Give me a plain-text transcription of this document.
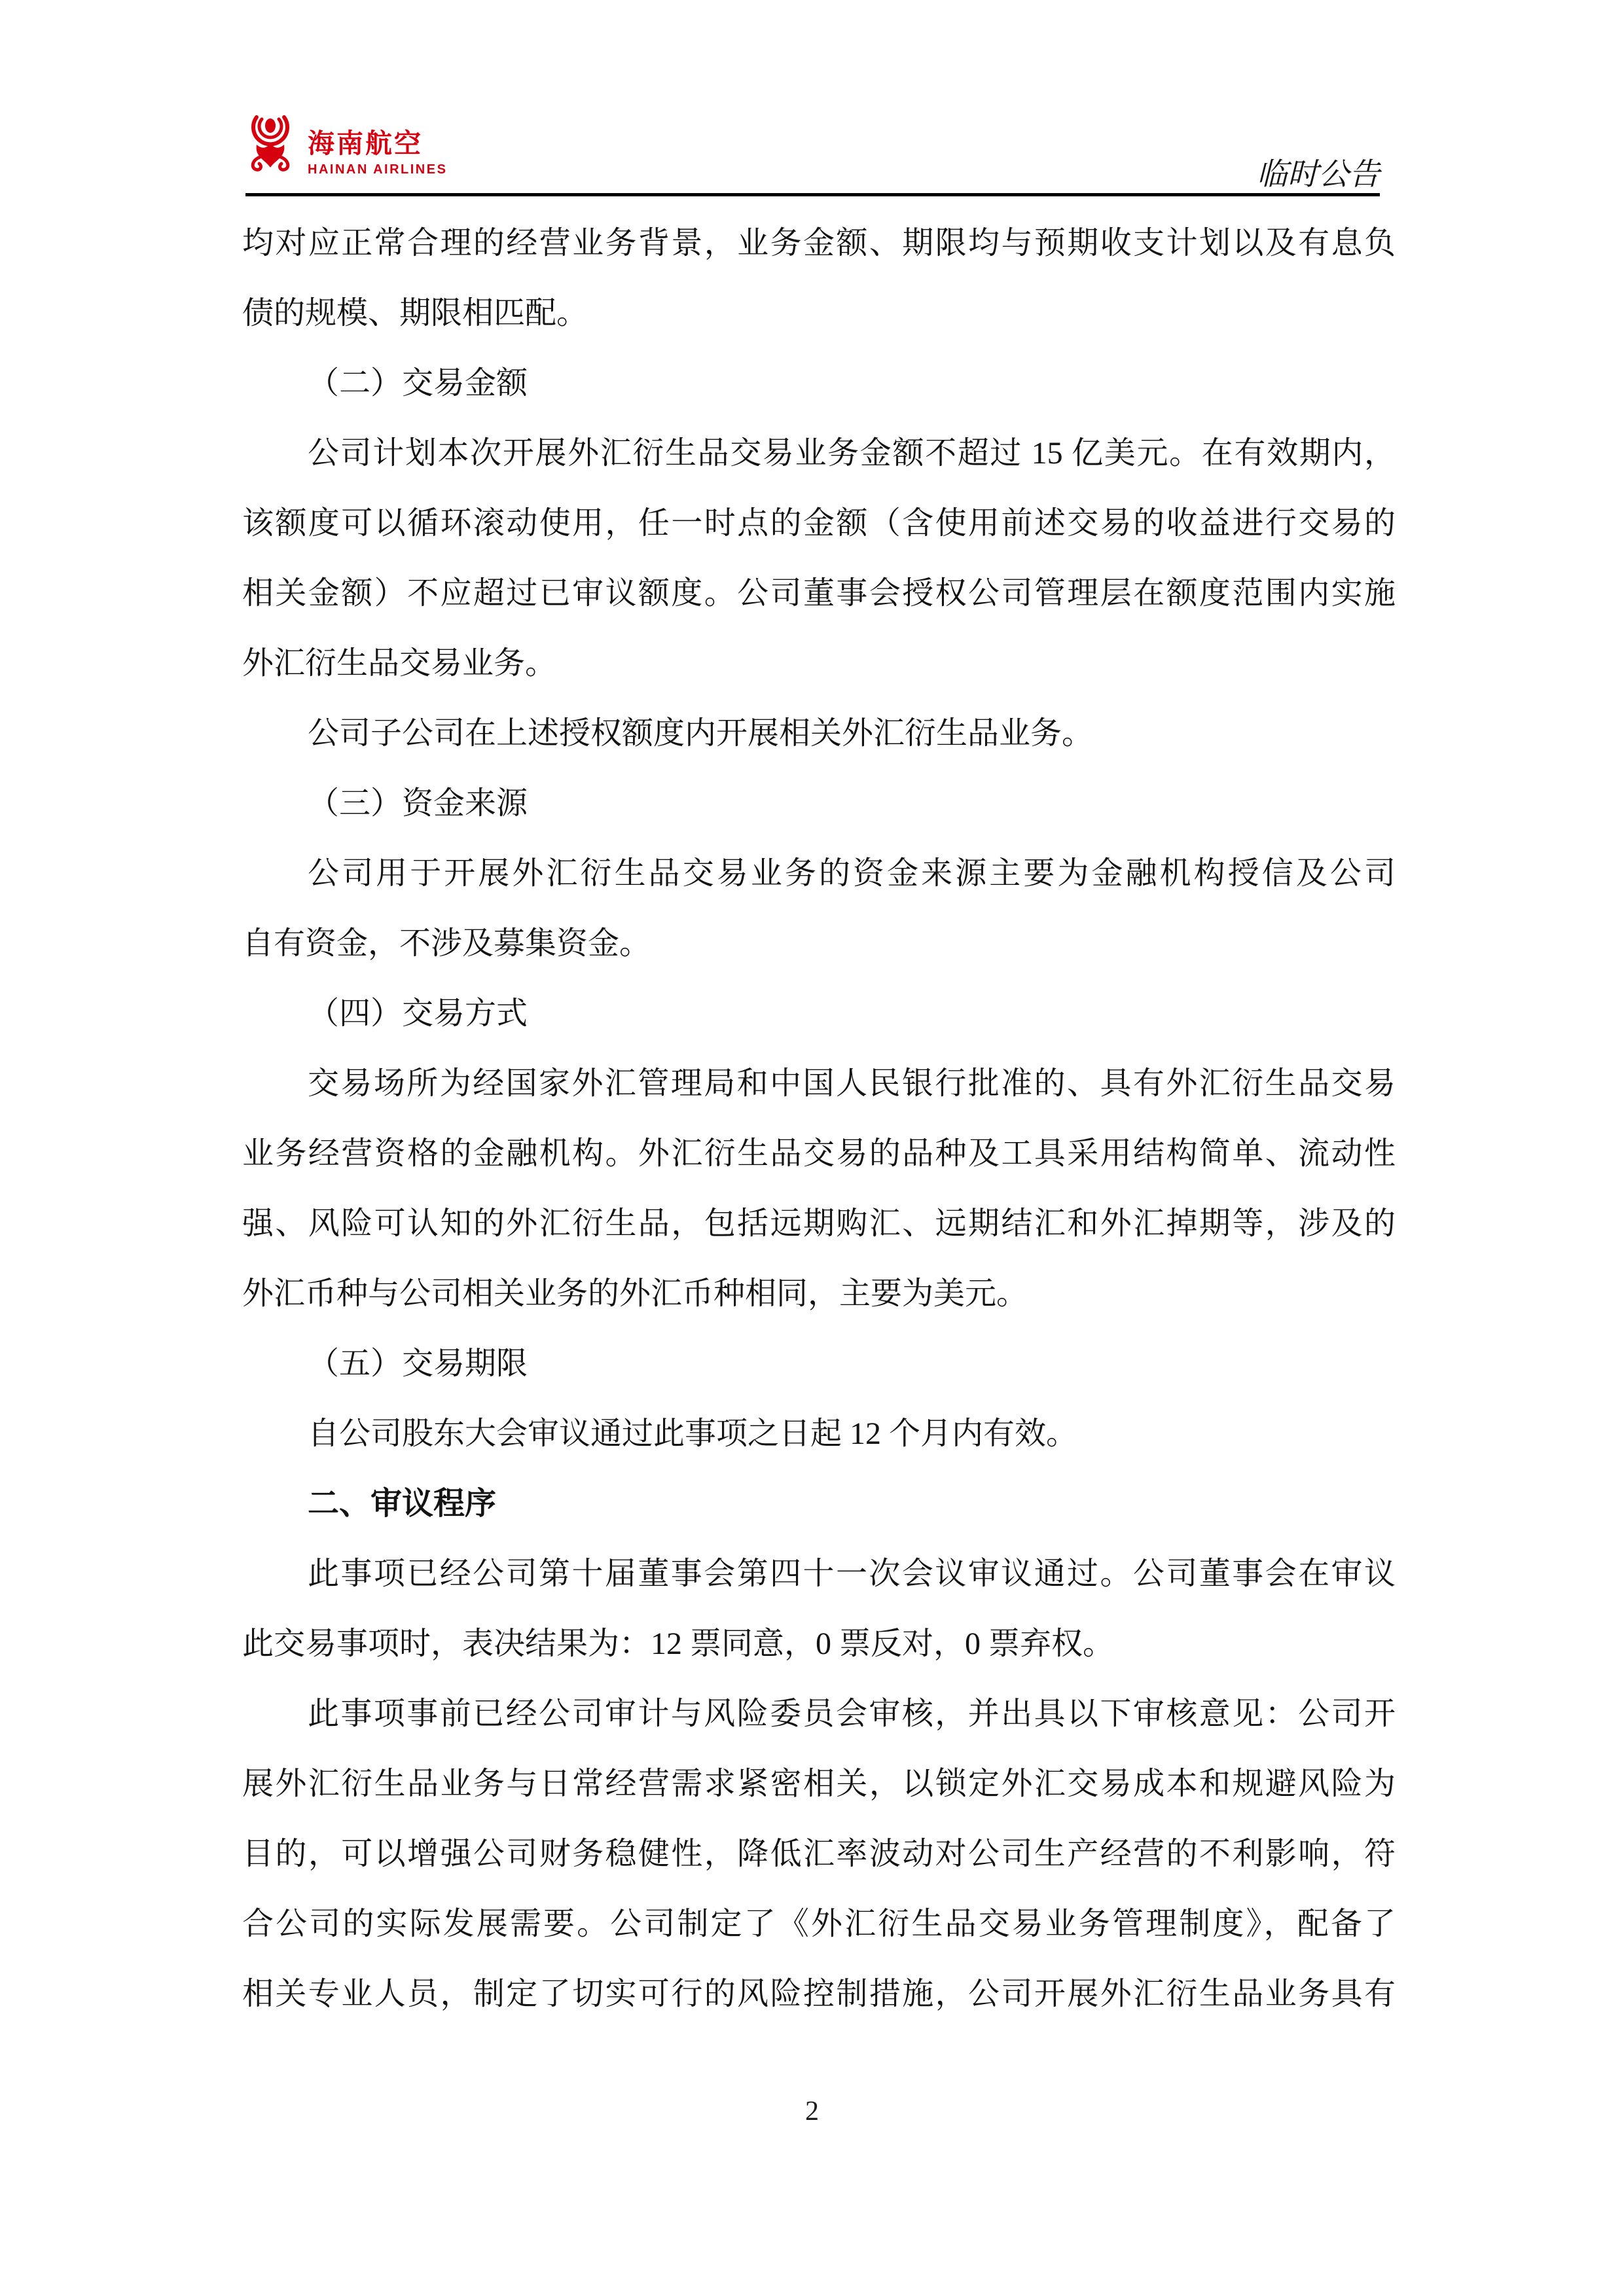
海南航空
HAINAN AIRLINES	临时公告
均对应正常合理的经营业务背景，业务金额、期限均与预期收支计划以及有息负
债的规模、期限相匹配。
（二）交易金额
公司计划本次开展外汇衍生品交易业务金额不超过 15 亿美元。在有效期内，
该额度可以循环滚动使用，任一时点的金额（含使用前述交易的收益进行交易的
相关金额）不应超过已审议额度。公司董事会授权公司管理层在额度范围内实施
外汇衍生品交易业务。
公司子公司在上述授权额度内开展相关外汇衍生品业务。
（三）资金来源
公司用于开展外汇衍生品交易业务的资金来源主要为金融机构授信及公司
自有资金，不涉及募集资金。
（四）交易方式
交易场所为经国家外汇管理局和中国人民银行批准的、具有外汇衍生品交易
业务经营资格的金融机构。外汇衍生品交易的品种及工具采用结构简单、流动性
强、风险可认知的外汇衍生品，包括远期购汇、远期结汇和外汇掉期等，涉及的
外汇币种与公司相关业务的外汇币种相同，主要为美元。
（五）交易期限
自公司股东大会审议通过此事项之日起 12 个月内有效。
二、审议程序
此事项已经公司第十届董事会第四十一次会议审议通过。公司董事会在审议
此交易事项时，表决结果为：12 票同意，0 票反对，0 票弃权。
此事项事前已经公司审计与风险委员会审核，并出具以下审核意见：公司开
展外汇衍生品业务与日常经营需求紧密相关，以锁定外汇交易成本和规避风险为
目的，可以增强公司财务稳健性，降低汇率波动对公司生产经营的不利影响，符
合公司的实际发展需要。公司制定了《外汇衍生品交易业务管理制度》，配备了
相关专业人员，制定了切实可行的风险控制措施，公司开展外汇衍生品业务具有
2
